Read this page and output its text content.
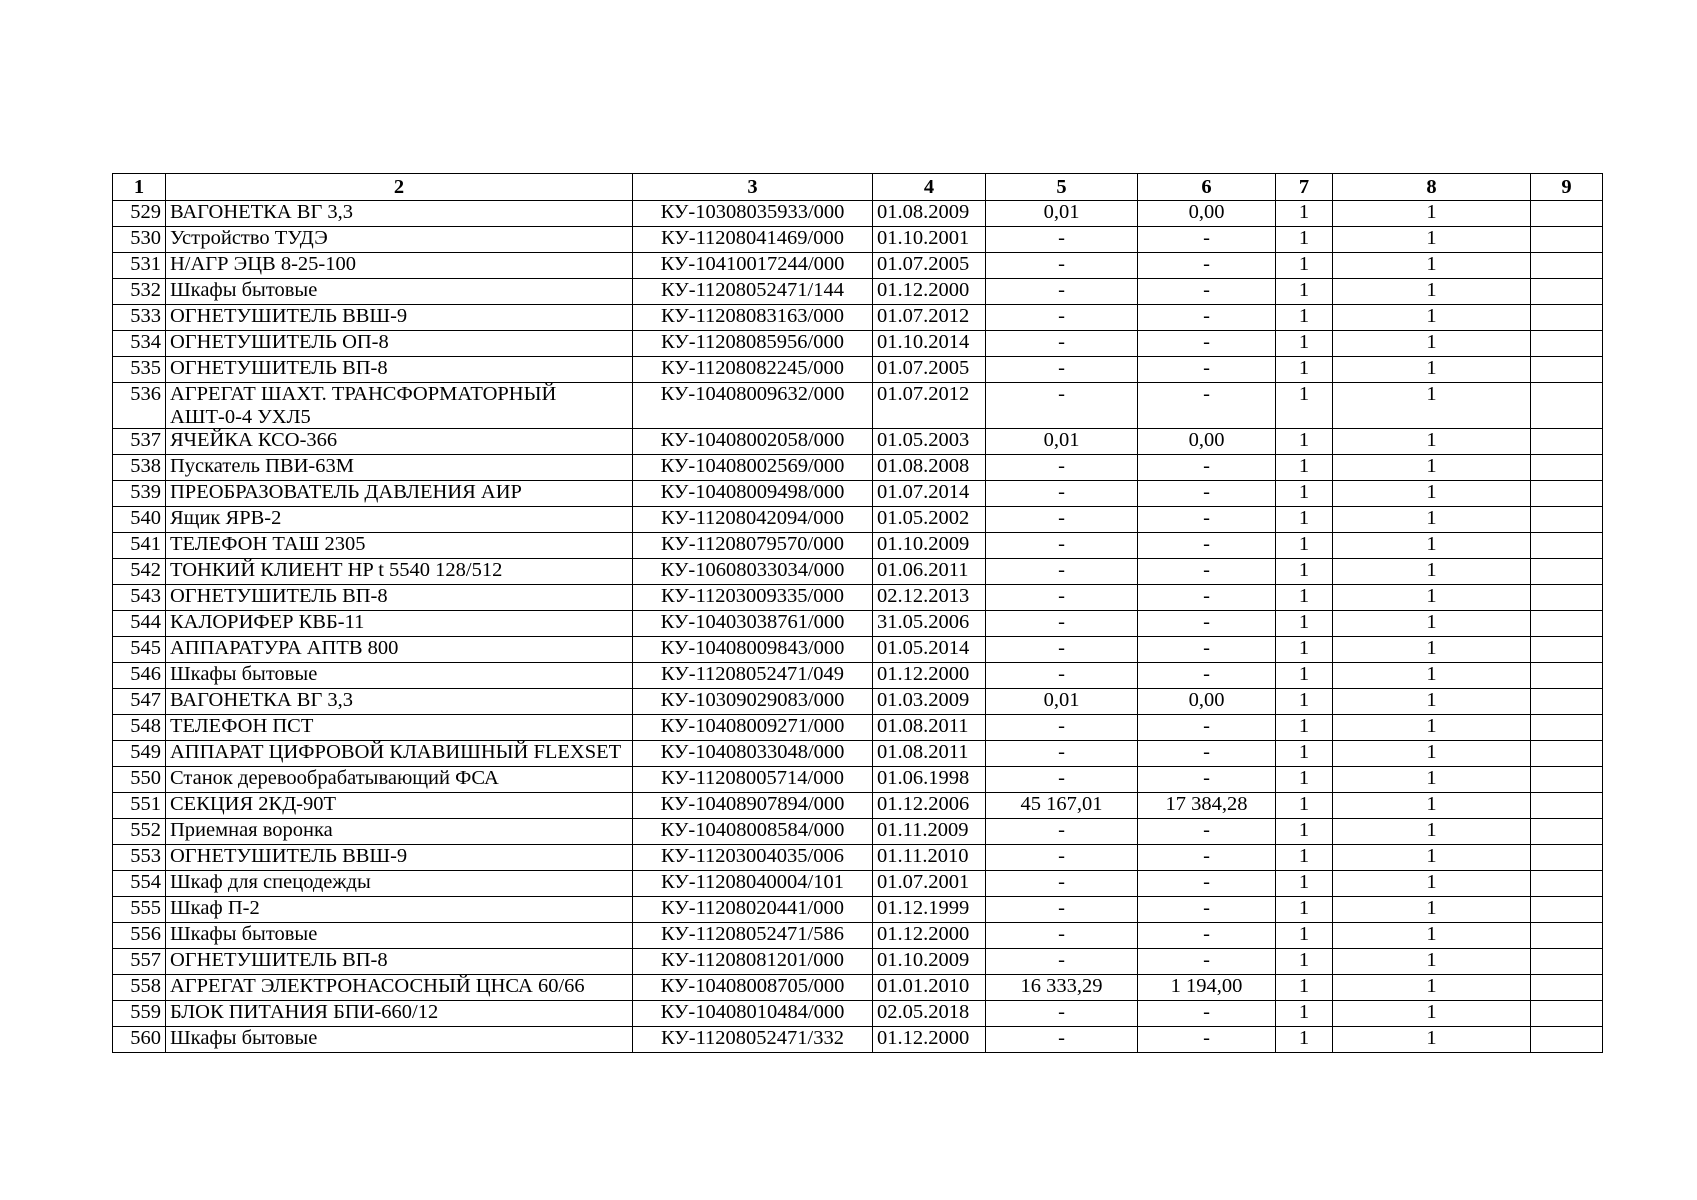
1	2	3	4	5	6	7	8	9
529	ВАГОНЕТКА ВГ 3,3	КУ-10308035933/000	01.08.2009	0,01	0,00	1	1	
530	Устройство ТУДЭ	КУ-11208041469/000	01.10.2001	-	-	1	1	
531	Н/АГР ЭЦВ 8-25-100	КУ-10410017244/000	01.07.2005	-	-	1	1	
532	Шкафы бытовые	КУ-11208052471/144	01.12.2000	-	-	1	1	
533	ОГНЕТУШИТЕЛЬ ВВШ-9	КУ-11208083163/000	01.07.2012	-	-	1	1	
534	ОГНЕТУШИТЕЛЬ ОП-8	КУ-11208085956/000	01.10.2014	-	-	1	1	
535	ОГНЕТУШИТЕЛЬ ВП-8	КУ-11208082245/000	01.07.2005	-	-	1	1	
536	АГРЕГАТ ШАХТ. ТРАНСФОРМАТОРНЫЙ АШТ-0-4 УХЛ5	КУ-10408009632/000	01.07.2012	-	-	1	1	
537	ЯЧЕЙКА КСО-366	КУ-10408002058/000	01.05.2003	0,01	0,00	1	1	
538	Пускатель ПВИ-63М	КУ-10408002569/000	01.08.2008	-	-	1	1	
539	ПРЕОБРАЗОВАТЕЛЬ ДАВЛЕНИЯ АИР	КУ-10408009498/000	01.07.2014	-	-	1	1	
540	Ящик ЯРВ-2	КУ-11208042094/000	01.05.2002	-	-	1	1	
541	ТЕЛЕФОН ТАШ 2305	КУ-11208079570/000	01.10.2009	-	-	1	1	
542	ТОНКИЙ КЛИЕНТ HP t 5540 128/512	КУ-10608033034/000	01.06.2011	-	-	1	1	
543	ОГНЕТУШИТЕЛЬ ВП-8	КУ-11203009335/000	02.12.2013	-	-	1	1	
544	КАЛОРИФЕР КВБ-11	КУ-10403038761/000	31.05.2006	-	-	1	1	
545	АППАРАТУРА АПТВ 800	КУ-10408009843/000	01.05.2014	-	-	1	1	
546	Шкафы бытовые	КУ-11208052471/049	01.12.2000	-	-	1	1	
547	ВАГОНЕТКА ВГ 3,3	КУ-10309029083/000	01.03.2009	0,01	0,00	1	1	
548	ТЕЛЕФОН ПСТ	КУ-10408009271/000	01.08.2011	-	-	1	1	
549	АППАРАТ ЦИФРОВОЙ КЛАВИШНЫЙ FLEXSET	КУ-10408033048/000	01.08.2011	-	-	1	1	
550	Станок деревообрабатывающий ФСА	КУ-11208005714/000	01.06.1998	-	-	1	1	
551	СЕКЦИЯ 2КД-90Т	КУ-10408907894/000	01.12.2006	45 167,01	17 384,28	1	1	
552	Приемная воронка	КУ-10408008584/000	01.11.2009	-	-	1	1	
553	ОГНЕТУШИТЕЛЬ ВВШ-9	КУ-11203004035/006	01.11.2010	-	-	1	1	
554	Шкаф для спецодежды	КУ-11208040004/101	01.07.2001	-	-	1	1	
555	Шкаф П-2	КУ-11208020441/000	01.12.1999	-	-	1	1	
556	Шкафы бытовые	КУ-11208052471/586	01.12.2000	-	-	1	1	
557	ОГНЕТУШИТЕЛЬ ВП-8	КУ-11208081201/000	01.10.2009	-	-	1	1	
558	АГРЕГАТ ЭЛЕКТРОНАСОСНЫЙ ЦНСА 60/66	КУ-10408008705/000	01.01.2010	16 333,29	1 194,00	1	1	
559	БЛОК ПИТАНИЯ БПИ-660/12	КУ-10408010484/000	02.05.2018	-	-	1	1	
560	Шкафы бытовые	КУ-11208052471/332	01.12.2000	-	-	1	1	
